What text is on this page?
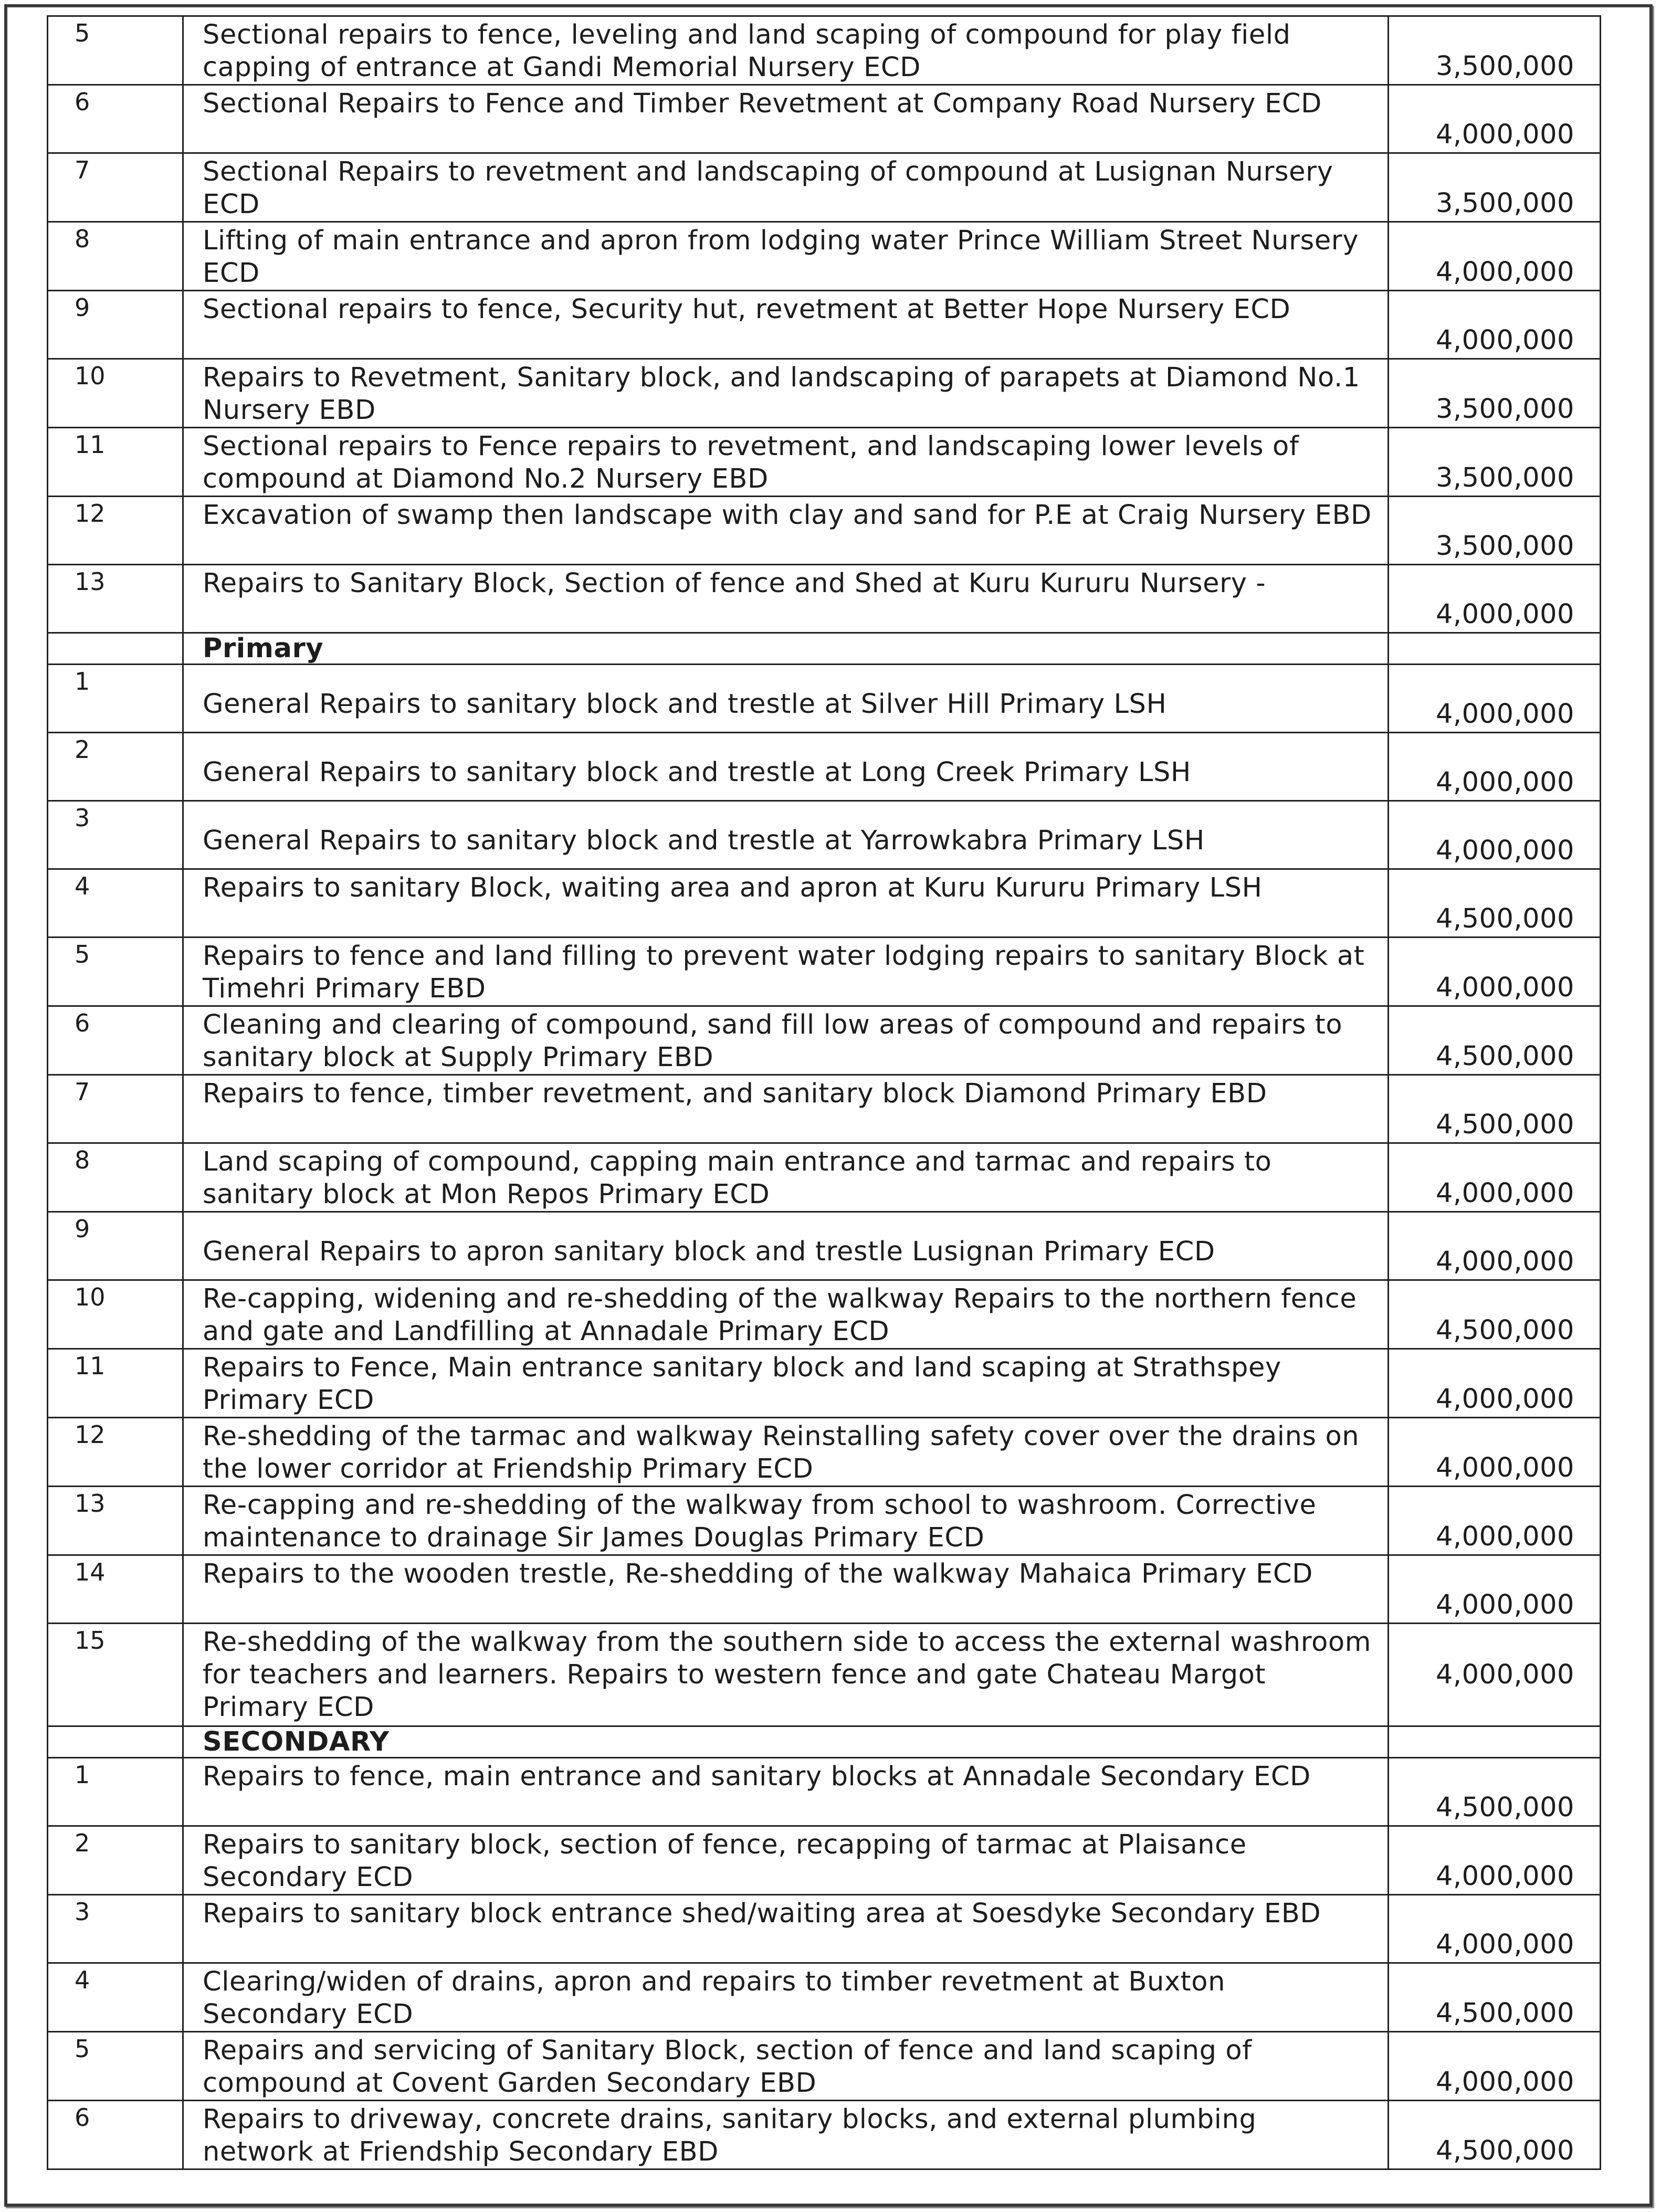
5	Sectional repairs to fence, leveling and land scaping of compound for play field capping of entrance at Gandi Memorial Nursery ECD	3,500,000
6	Sectional Repairs to Fence and Timber Revetment at Company Road Nursery ECD	4,000,000
7	Sectional Repairs to revetment and landscaping of compound at Lusignan Nursery ECD	3,500,000
8	Lifting of main entrance and apron from lodging water Prince William Street Nursery ECD	4,000,000
9	Sectional repairs to fence, Security hut, revetment at Better Hope Nursery ECD	4,000,000
10	Repairs to Revetment, Sanitary block, and landscaping of parapets at Diamond No.1 Nursery EBD	3,500,000
11	Sectional repairs to Fence repairs to revetment, and landscaping lower levels of compound at Diamond No.2 Nursery EBD	3,500,000
12	Excavation of swamp then landscape with clay and sand for P.E at Craig Nursery EBD	3,500,000
13	Repairs to Sanitary Block, Section of fence and Shed at Kuru Kururu Nursery -	4,000,000
	Primary	
1	General Repairs to sanitary block and trestle at Silver Hill Primary LSH	4,000,000
2	General Repairs to sanitary block and trestle at Long Creek Primary LSH	4,000,000
3	General Repairs to sanitary block and trestle at Yarrowkabra Primary LSH	4,000,000
4	Repairs to sanitary Block, waiting area and apron at Kuru Kururu Primary LSH	4,500,000
5	Repairs to fence and land filling to prevent water lodging repairs to sanitary Block at Timehri Primary EBD	4,000,000
6	Cleaning and clearing of compound, sand fill low areas of compound and repairs to sanitary block at Supply Primary EBD	4,500,000
7	Repairs to fence, timber revetment, and sanitary block Diamond Primary EBD	4,500,000
8	Land scaping of compound, capping main entrance and tarmac and repairs to sanitary block at Mon Repos Primary ECD	4,000,000
9	General Repairs to apron sanitary block and trestle Lusignan Primary ECD	4,000,000
10	Re-capping, widening and re-shedding of the walkway Repairs to the northern fence and gate and Landfilling at Annadale Primary ECD	4,500,000
11	Repairs to Fence, Main entrance sanitary block and land scaping at Strathspey Primary ECD	4,000,000
12	Re-shedding of the tarmac and walkway Reinstalling safety cover over the drains on the lower corridor at Friendship Primary ECD	4,000,000
13	Re-capping and re-shedding of the walkway from school to washroom. Corrective maintenance to drainage Sir James Douglas Primary ECD	4,000,000
14	Repairs to the wooden trestle, Re-shedding of the walkway Mahaica Primary ECD	4,000,000
15	Re-shedding of the walkway from the southern side to access the external washroom for teachers and learners. Repairs to western fence and gate Chateau Margot Primary ECD	4,000,000
	SECONDARY	
1	Repairs to fence, main entrance and sanitary blocks at Annadale Secondary ECD	4,500,000
2	Repairs to sanitary block, section of fence, recapping of tarmac at Plaisance Secondary ECD	4,000,000
3	Repairs to sanitary block entrance shed/waiting area at Soesdyke Secondary EBD	4,000,000
4	Clearing/widen of drains, apron and repairs to timber revetment at Buxton Secondary ECD	4,500,000
5	Repairs and servicing of Sanitary Block, section of fence and land scaping of compound at Covent Garden Secondary EBD	4,000,000
6	Repairs to driveway, concrete drains, sanitary blocks, and external plumbing network at Friendship Secondary EBD	4,500,000
